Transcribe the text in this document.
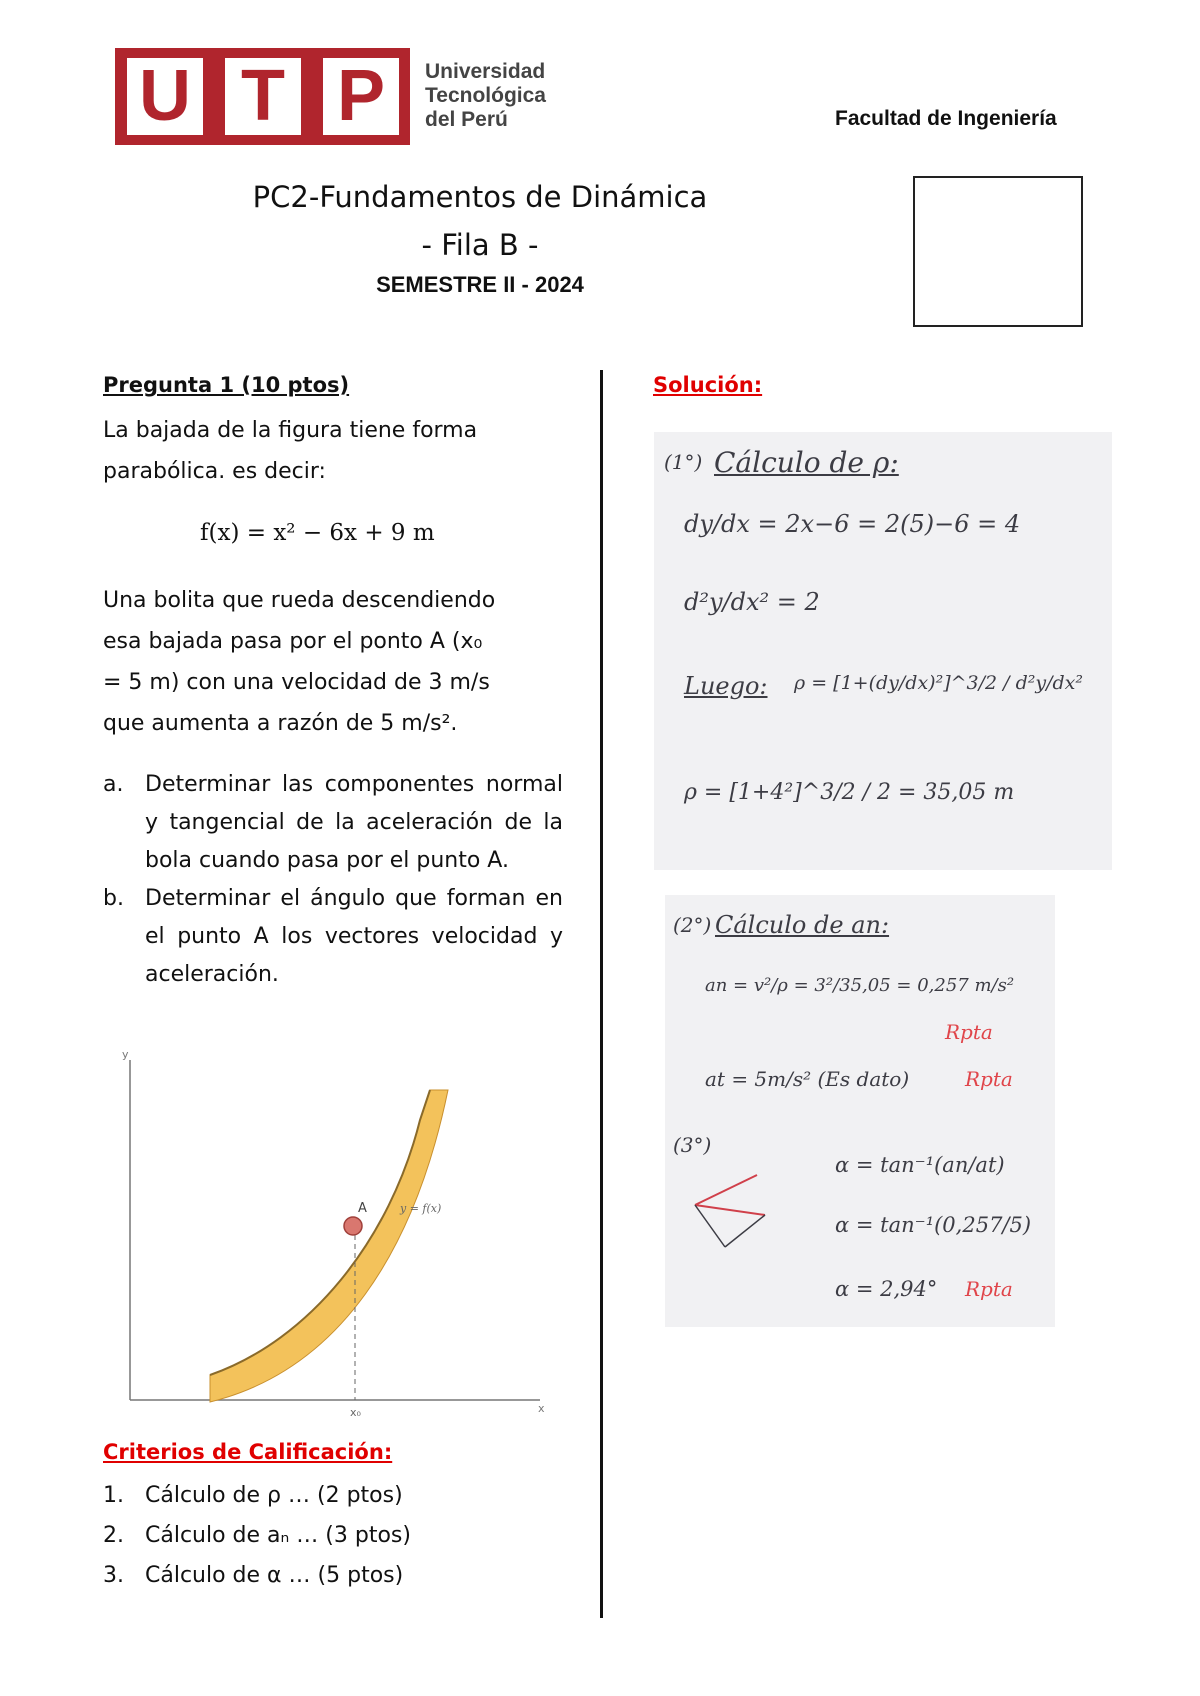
U T P	Universidad
Tecnológica
del Perú	Facultad de Ingeniería
PC2-Fundamentos de Dinámica
- Fila B -
SEMESTRE II - 2024
Pregunta 1 (10 ptos)
La bajada de la figura tiene forma
parabólica. es decir:
f(x) = x² − 6x + 9 m
Una bolita que rueda descendiendo
esa bajada pasa por el ponto A (x₀
= 5 m) con una velocidad de 3 m/s
que aumenta a razón de 5 m/s².
a. Determinar las componentes normal y tangencial de la aceleración de la bola cuando pasa por el punto A.
b. Determinar el ángulo que forman en el punto A los vectores velocidad y aceleración.
y
x
A	y = f(x)
x₀
Criterios de Calificación:
1. Cálculo de ρ … (2 ptos)
2. Cálculo de aₙ … (3 ptos)
3. Cálculo de α … (5 ptos)
Solución:
(1°) Cálculo de ρ:
dy/dx = 2x−6 = 2(5)−6 = 4
d²y/dx² = 2
Luego: ρ = [1+(dy/dx)²]^3/2 / d²y/dx²
ρ = [1+4²]^3/2 / 2 = 35,05 m
(2°) Cálculo de an:
an = v²/ρ = 3²/35,05 = 0,257 m/s²
Rpta
at = 5m/s² (Es dato)	Rpta
(3°)
α = tan⁻¹(an/at)
α = tan⁻¹(0,257/5)
α = 2,94° Rpta
